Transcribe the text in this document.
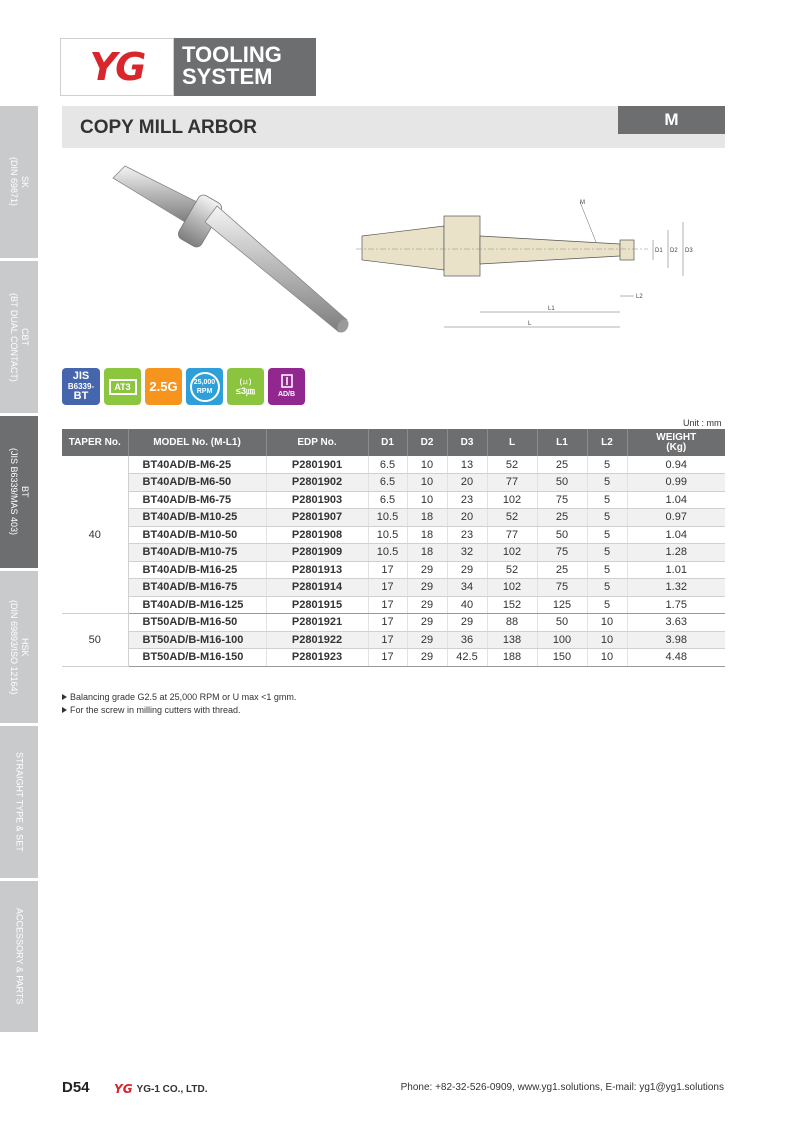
YG TOOLING
SYSTEM
SK
(DIN 69871)
CBT
(BT DUAL CONTACT)
BT
(JIS B6339/MAS 403)
HSK
(DIN 69893/ISO 12164)
STRAIGHT TYPE & SET
ACCESSORY & PARTS
COPY MILL ARBOR	M
M
L
L1
L2
D1 D2 D3
JIS
B6339-
BT
AT3	2.5G	25,000
RPM
(ㄩ)
≤3㎛	AD/B
Unit : mm
TAPER No.	MODEL No. (M-L1)	EDP No.	D1	D2	D3	L	L1	L2	WEIGHT
(Kg)
40	BT40AD/B-M6-25	P2801901	6.5	10	13	52	25	5	0.94
	BT40AD/B-M6-50	P2801902	6.5	10	20	77	50	5	0.99
	BT40AD/B-M6-75	P2801903	6.5	10	23	102	75	5	1.04
	BT40AD/B-M10-25	P2801907	10.5	18	20	52	25	5	0.97
	BT40AD/B-M10-50	P2801908	10.5	18	23	77	50	5	1.04
	BT40AD/B-M10-75	P2801909	10.5	18	32	102	75	5	1.28
	BT40AD/B-M16-25	P2801913	17	29	29	52	25	5	1.01
	BT40AD/B-M16-75	P2801914	17	29	34	102	75	5	1.32
	BT40AD/B-M16-125	P2801915	17	29	40	152	125	5	1.75
50	BT50AD/B-M16-50	P2801921	17	29	29	88	50	10	3.63
	BT50AD/B-M16-100	P2801922	17	29	36	138	100	10	3.98
	BT50AD/B-M16-150	P2801923	17	29	42.5	188	150	10	4.48
Balancing grade G2.5 at 25,000 RPM or U max <1 gmm.
For the screw in milling cutters with thread.
D54 YG YG-1 CO., LTD.	Phone: +82-32-526-0909, www.yg1.solutions, E-mail: yg1@yg1.solutions
